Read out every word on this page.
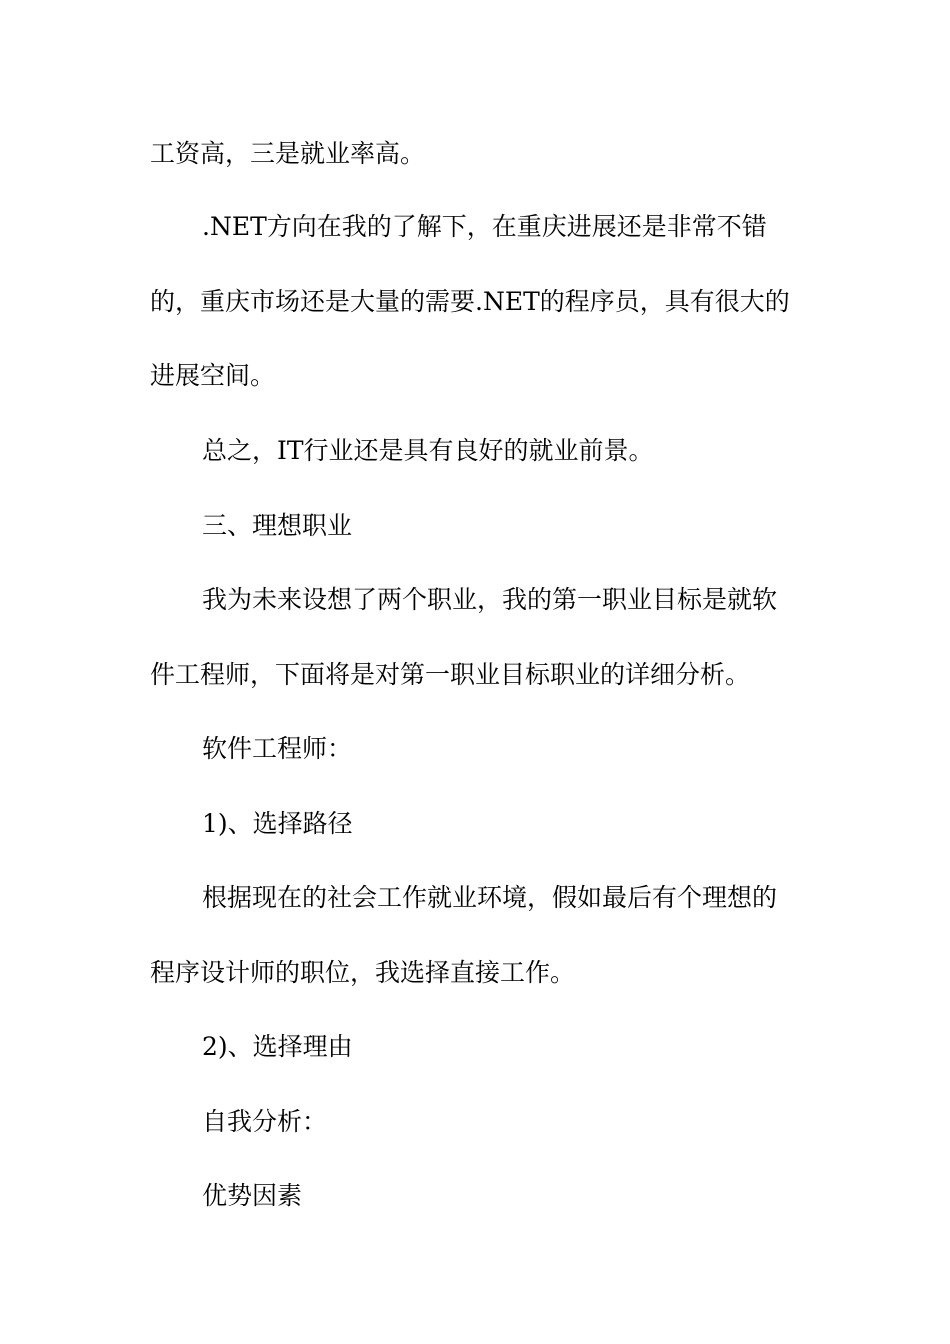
工资高，三是就业率高。

.NET方向在我的了解下，在重庆进展还是非常不错的，重庆市场还是大量的需要.NET的程序员，具有很大的进展空间。

总之，IT行业还是具有良好的就业前景。

三、理想职业

我为未来设想了两个职业，我的第一职业目标是就软件工程师，下面将是对第一职业目标职业的详细分析。

软件工程师：

1)、选择路径

根据现在的社会工作就业环境，假如最后有个理想的程序设计师的职位，我选择直接工作。

2)、选择理由

自我分析：

优势因素
